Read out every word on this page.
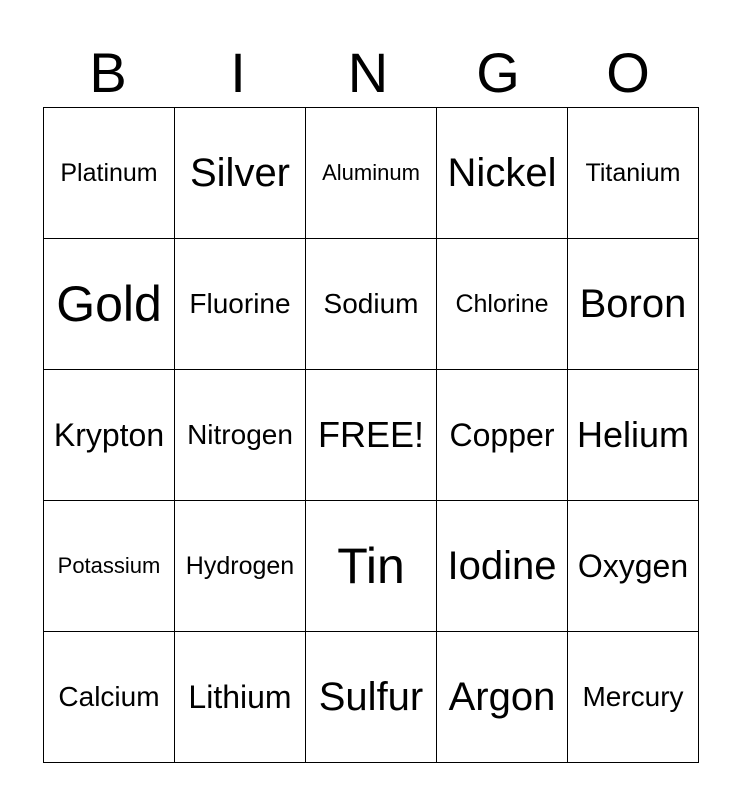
B	I	N	G	O
Platinum	Silver	Aluminum	Nickel	Titanium
Gold	Fluorine	Sodium	Chlorine	Boron
Krypton	Nitrogen	FREE!	Copper	Helium
Potassium	Hydrogen	Tin	Iodine	Oxygen
Calcium	Lithium	Sulfur	Argon	Mercury
